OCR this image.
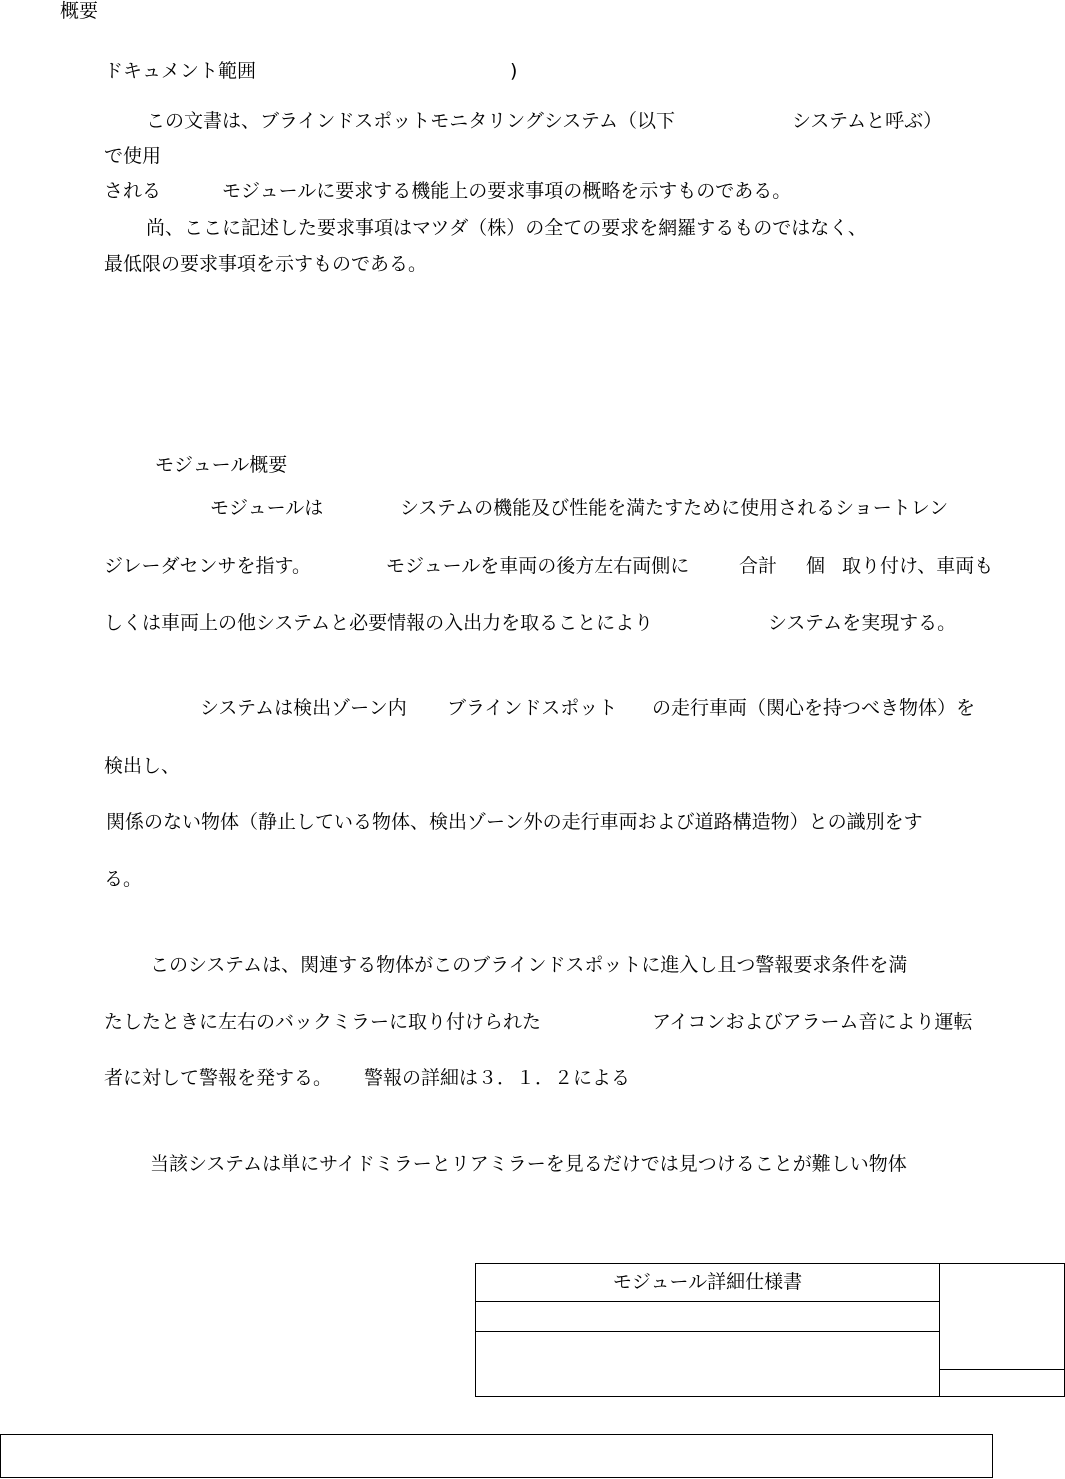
概要
ドキュメント範囲	)
この文書は、ブラインドスポットモニタリングシステム（以下	システムと呼ぶ）
で使用
される	モジュールに要求する機能上の要求事項の概略を示すものである。
尚、ここに記述した要求事項はマツダ（株）の全ての要求を網羅するものではなく、
最低限の要求事項を示すものである。
モジュール概要
モジュールは	システムの機能及び性能を満たすために使用されるショートレン
ジレーダセンサを指す。	モジュールを車両の後方左右両側に	合計 個 取り付け、車両も
しくは車両上の他システムと必要情報の入出力を取ることにより	システムを実現する。
システムは検出ゾーン内 ブラインドスポット の走行車両（関心を持つべき物体）を
検出し、
関係のない物体（静止している物体、検出ゾーン外の走行車両および道路構造物）との識別をす
る。
このシステムは、関連する物体がこのブラインドスポットに進入し且つ警報要求条件を満
たしたときに左右のバックミラーに取り付けられた	アイコンおよびアラーム音により運転
者に対して警報を発する。 警報の詳細は３．１．２による
当該システムは単にサイドミラーとリアミラーを見るだけでは見つけることが難しい物体
モジュール詳細仕様書
